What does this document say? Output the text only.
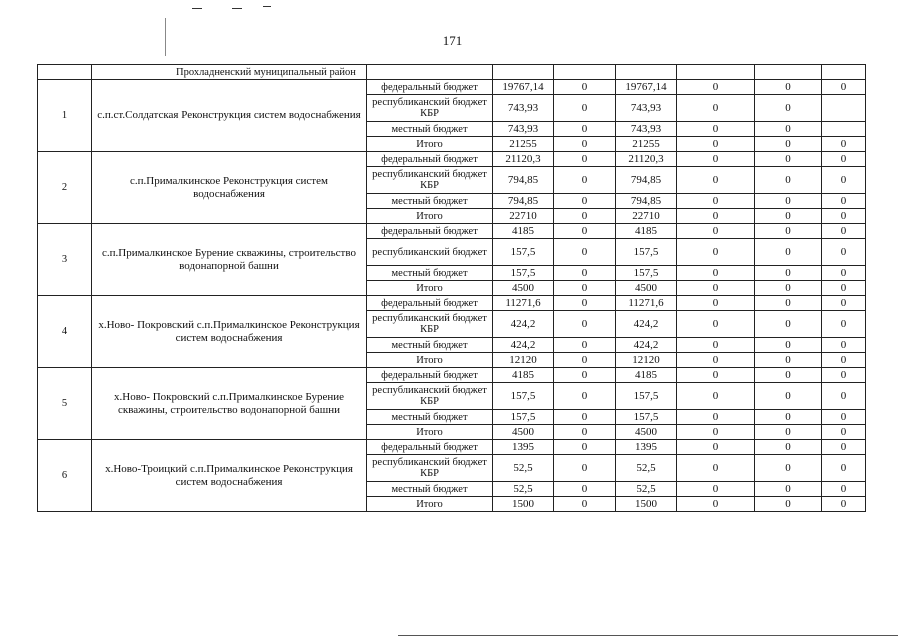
171
	Прохладненский муниципальный район							
1	с.п.ст.Солдатская Реконструкция систем водоснабжения	федеральный бюджет	19767,14	0	19767,14	0	0	0
		республиканский бюджет КБР	743,93	0	743,93	0	0	
		местный бюджет	743,93	0	743,93	0	0	
		Итого	21255	0	21255	0	0	0
2	с.п.Прималкинское Реконструкция систем водоснабжения	федеральный бюджет	21120,3	0	21120,3	0	0	0
		республиканский бюджет КБР	794,85	0	794,85	0	0	0
		местный бюджет	794,85	0	794,85	0	0	0
		Итого	22710	0	22710	0	0	0
3	с.п.Прималкинское Бурение скважины, строительство водонапорной башни	федеральный бюджет	4185	0	4185	0	0	0
		республиканский бюджет	157,5	0	157,5	0	0	0
		местный бюджет	157,5	0	157,5	0	0	0
		Итого	4500	0	4500	0	0	0
4	х.Ново- Покровский с.п.Прималкинское Реконструкция систем водоснабжения	федеральный бюджет	11271,6	0	11271,6	0	0	0
		республиканский бюджет КБР	424,2	0	424,2	0	0	0
		местный бюджет	424,2	0	424,2	0	0	0
		Итого	12120	0	12120	0	0	0
5	х.Ново- Покровский с.п.Прималкинское Бурение скважины, строительство водонапорной башни	федеральный бюджет	4185	0	4185	0	0	0
		республиканский бюджет КБР	157,5	0	157,5	0	0	0
		местный бюджет	157,5	0	157,5	0	0	0
		Итого	4500	0	4500	0	0	0
6	х.Ново-Троицкий с.п.Прималкинское Реконструкция систем водоснабжения	федеральный бюджет	1395	0	1395	0	0	0
		республиканский бюджет КБР	52,5	0	52,5	0	0	0
		местный бюджет	52,5	0	52,5	0	0	0
		Итого	1500	0	1500	0	0	0
